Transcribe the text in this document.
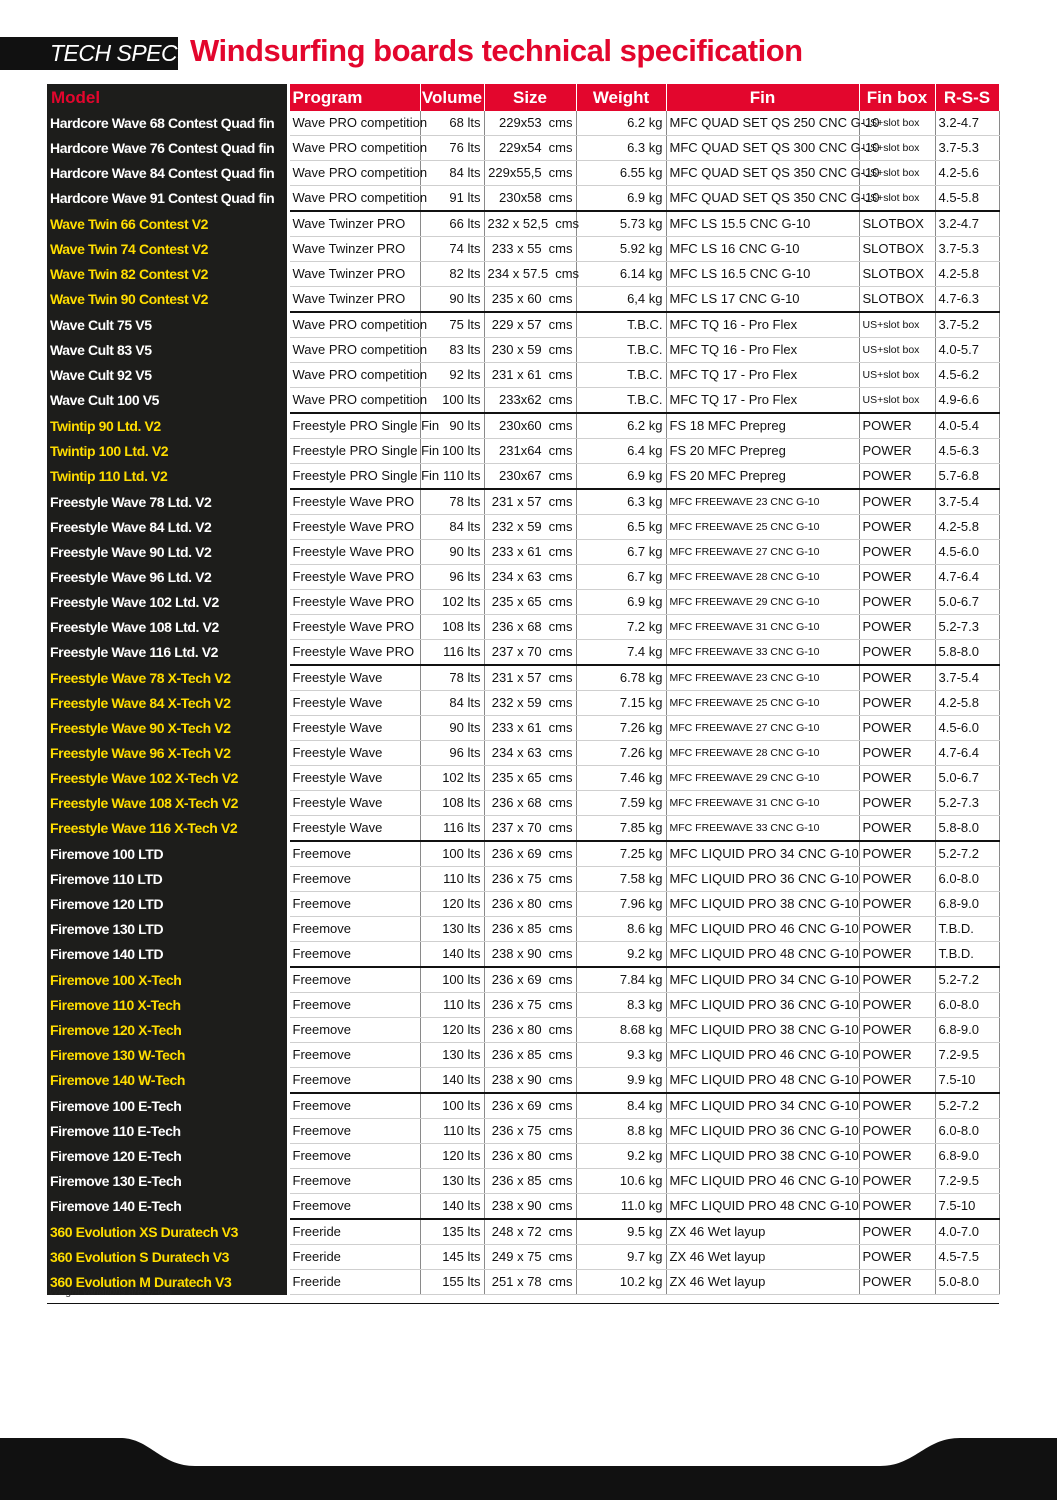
TECH SPECS
Windsurfing boards technical specification
Model	Program	Volume	Size	Weight	Fin	Fin box	R-S-S
Hardcore Wave 68 Contest Quad fin	Wave PRO competition	68 lts	229x53 cms	6.2 kg	MFC QUAD SET QS 250 CNC G-10	US+slot box	3.2-4.7
Hardcore Wave 76 Contest Quad fin	Wave PRO competition	76 lts	229x54 cms	6.3 kg	MFC QUAD SET QS 300 CNC G-10	US+slot box	3.7-5.3
Hardcore Wave 84 Contest Quad fin	Wave PRO competition	84 lts	229x55,5 cms	6.55 kg	MFC QUAD SET QS 350 CNC G-10	US+slot box	4.2-5.6
Hardcore Wave 91 Contest Quad fin	Wave PRO competition	91 lts	230x58 cms	6.9 kg	MFC QUAD SET QS 350 CNC G-10	US+slot box	4.5-5.8
Wave Twin 66 Contest V2	Wave Twinzer PRO	66 lts	232 x 52,5 cms	5.73 kg	MFC LS 15.5 CNC G-10	SLOTBOX	3.2-4.7
Wave Twin 74 Contest V2	Wave Twinzer PRO	74 lts	233 x 55 cms	5.92 kg	MFC LS 16 CNC G-10	SLOTBOX	3.7-5.3
Wave Twin 82 Contest V2	Wave Twinzer PRO	82 lts	234 x 57.5 cms	6.14 kg	MFC LS 16.5 CNC G-10	SLOTBOX	4.2-5.8
Wave Twin 90 Contest V2	Wave Twinzer PRO	90 lts	235 x 60 cms	6,4 kg	MFC LS 17 CNC G-10	SLOTBOX	4.7-6.3
Wave Cult 75 V5	Wave PRO competition	75 lts	229 x 57 cms	T.B.C.	MFC TQ 16 - Pro Flex	US+slot box	3.7-5.2
Wave Cult 83 V5	Wave PRO competition	83 lts	230 x 59 cms	T.B.C.	MFC TQ 16 - Pro Flex	US+slot box	4.0-5.7
Wave Cult 92 V5	Wave PRO competition	92 lts	231 x 61 cms	T.B.C.	MFC TQ 17 - Pro Flex	US+slot box	4.5-6.2
Wave Cult 100 V5	Wave PRO competition	100 lts	233x62 cms	T.B.C.	MFC TQ 17 - Pro Flex	US+slot box	4.9-6.6
Twintip 90 Ltd. V2	Freestyle PRO Single Fin	90 lts	230x60 cms	6.2 kg	FS 18 MFC Prepreg	POWER	4.0-5.4
Twintip 100 Ltd. V2	Freestyle PRO Single Fin	100 lts	231x64 cms	6.4 kg	FS 20 MFC Prepreg	POWER	4.5-6.3
Twintip 110 Ltd. V2	Freestyle PRO Single Fin	110 lts	230x67 cms	6.9 kg	FS 20 MFC Prepreg	POWER	5.7-6.8
Freestyle Wave 78 Ltd. V2	Freestyle Wave PRO	78 lts	231 x 57 cms	6.3 kg	MFC FREEWAVE 23 CNC G-10	POWER	3.7-5.4
Freestyle Wave 84 Ltd. V2	Freestyle Wave PRO	84 lts	232 x 59 cms	6.5 kg	MFC FREEWAVE 25 CNC G-10	POWER	4.2-5.8
Freestyle Wave 90 Ltd. V2	Freestyle Wave PRO	90 lts	233 x 61 cms	6.7 kg	MFC FREEWAVE 27 CNC G-10	POWER	4.5-6.0
Freestyle Wave 96 Ltd. V2	Freestyle Wave PRO	96 lts	234 x 63 cms	6.7 kg	MFC FREEWAVE 28 CNC G-10	POWER	4.7-6.4
Freestyle Wave 102 Ltd. V2	Freestyle Wave PRO	102 lts	235 x 65 cms	6.9 kg	MFC FREEWAVE 29 CNC G-10	POWER	5.0-6.7
Freestyle Wave 108 Ltd. V2	Freestyle Wave PRO	108 lts	236 x 68 cms	7.2 kg	MFC FREEWAVE 31 CNC G-10	POWER	5.2-7.3
Freestyle Wave 116 Ltd. V2	Freestyle Wave PRO	116 lts	237 x 70 cms	7.4 kg	MFC FREEWAVE 33 CNC G-10	POWER	5.8-8.0
Freestyle Wave 78 X-Tech V2	Freestyle Wave	78 lts	231 x 57 cms	6.78 kg	MFC FREEWAVE 23 CNC G-10	POWER	3.7-5.4
Freestyle Wave 84 X-Tech V2	Freestyle Wave	84 lts	232 x 59 cms	7.15 kg	MFC FREEWAVE 25 CNC G-10	POWER	4.2-5.8
Freestyle Wave 90 X-Tech V2	Freestyle Wave	90 lts	233 x 61 cms	7.26 kg	MFC FREEWAVE 27 CNC G-10	POWER	4.5-6.0
Freestyle Wave 96 X-Tech V2	Freestyle Wave	96 lts	234 x 63 cms	7.26 kg	MFC FREEWAVE 28 CNC G-10	POWER	4.7-6.4
Freestyle Wave 102 X-Tech V2	Freestyle Wave	102 lts	235 x 65 cms	7.46 kg	MFC FREEWAVE 29 CNC G-10	POWER	5.0-6.7
Freestyle Wave 108 X-Tech V2	Freestyle Wave	108 lts	236 x 68 cms	7.59 kg	MFC FREEWAVE 31 CNC G-10	POWER	5.2-7.3
Freestyle Wave 116 X-Tech V2	Freestyle Wave	116 lts	237 x 70 cms	7.85 kg	MFC FREEWAVE 33 CNC G-10	POWER	5.8-8.0
Firemove 100 LTD	Freemove	100 lts	236 x 69 cms	7.25 kg	MFC LIQUID PRO 34 CNC G-10	POWER	5.2-7.2
Firemove 110 LTD	Freemove	110 lts	236 x 75 cms	7.58 kg	MFC LIQUID PRO 36 CNC G-10	POWER	6.0-8.0
Firemove 120 LTD	Freemove	120 lts	236 x 80 cms	7.96 kg	MFC LIQUID PRO 38 CNC G-10	POWER	6.8-9.0
Firemove 130 LTD	Freemove	130 lts	236 x 85 cms	8.6 kg	MFC LIQUID PRO 46 CNC G-10	POWER	T.B.D.
Firemove 140 LTD	Freemove	140 lts	238 x 90 cms	9.2 kg	MFC LIQUID PRO 48 CNC G-10	POWER	T.B.D.
Firemove 100 X-Tech	Freemove	100 lts	236 x 69 cms	7.84 kg	MFC LIQUID PRO 34 CNC G-10	POWER	5.2-7.2
Firemove 110 X-Tech	Freemove	110 lts	236 x 75 cms	8.3 kg	MFC LIQUID PRO 36 CNC G-10	POWER	6.0-8.0
Firemove 120 X-Tech	Freemove	120 lts	236 x 80 cms	8.68 kg	MFC LIQUID PRO 38 CNC G-10	POWER	6.8-9.0
Firemove 130 W-Tech	Freemove	130 lts	236 x 85 cms	9.3 kg	MFC LIQUID PRO 46 CNC G-10	POWER	7.2-9.5
Firemove 140 W-Tech	Freemove	140 lts	238 x 90 cms	9.9 kg	MFC LIQUID PRO 48 CNC G-10	POWER	7.5-10
Firemove 100 E-Tech	Freemove	100 lts	236 x 69 cms	8.4 kg	MFC LIQUID PRO 34 CNC G-10	POWER	5.2-7.2
Firemove 110 E-Tech	Freemove	110 lts	236 x 75 cms	8.8 kg	MFC LIQUID PRO 36 CNC G-10	POWER	6.0-8.0
Firemove 120 E-Tech	Freemove	120 lts	236 x 80 cms	9.2 kg	MFC LIQUID PRO 38 CNC G-10	POWER	6.8-9.0
Firemove 130 E-Tech	Freemove	130 lts	236 x 85 cms	10.6 kg	MFC LIQUID PRO 46 CNC G-10	POWER	7.2-9.5
Firemove 140 E-Tech	Freemove	140 lts	238 x 90 cms	11.0 kg	MFC LIQUID PRO 48 CNC G-10	POWER	7.5-10
360 Evolution XS Duratech V3	Freeride	135 lts	248 x 72 cms	9.5 kg	ZX 46 Wet layup	POWER	4.0-7.0
360 Evolution S Duratech V3	Freeride	145 lts	249 x 75 cms	9.7 kg	ZX 46 Wet layup	POWER	4.5-7.5
360 Evolution M Duratech V3	Freeride	155 lts	251 x 78 cms	10.2 kg	ZX 46 Wet layup	POWER	5.0-8.0
Weight variations are +/-6%
